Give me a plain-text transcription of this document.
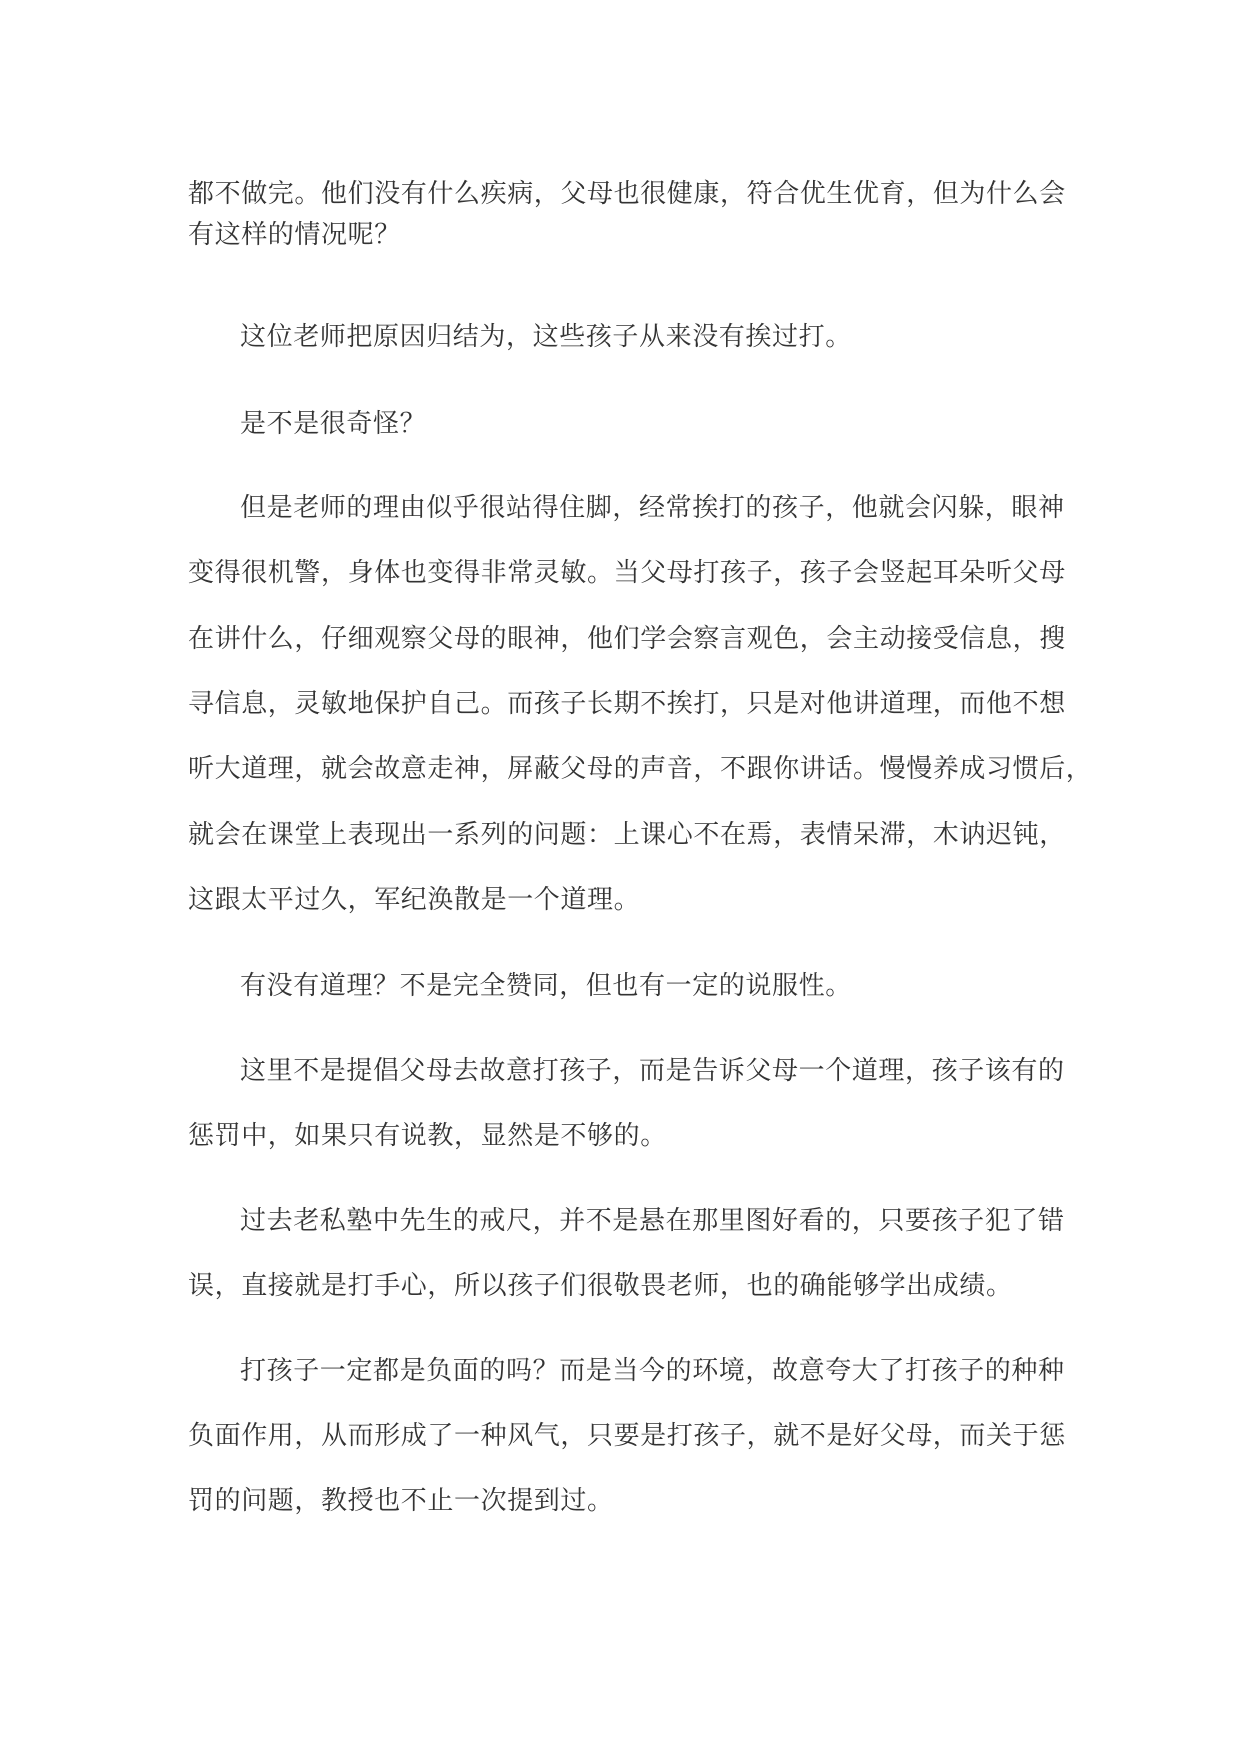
都不做完。他们没有什么疾病，父母也很健康，符合优生优育，但为什么会
有这样的情况呢？
这位老师把原因归结为，这些孩子从来没有挨过打。
是不是很奇怪？
但是老师的理由似乎很站得住脚，经常挨打的孩子，他就会闪躲，眼神
变得很机警，身体也变得非常灵敏。当父母打孩子，孩子会竖起耳朵听父母
在讲什么，仔细观察父母的眼神，他们学会察言观色，会主动接受信息，搜
寻信息，灵敏地保护自己。而孩子长期不挨打，只是对他讲道理，而他不想
听大道理，就会故意走神，屏蔽父母的声音，不跟你讲话。慢慢养成习惯后，
就会在课堂上表现出一系列的问题：上课心不在焉，表情呆滞，木讷迟钝，
这跟太平过久，军纪涣散是一个道理。
有没有道理？不是完全赞同，但也有一定的说服性。
这里不是提倡父母去故意打孩子，而是告诉父母一个道理，孩子该有的
惩罚中，如果只有说教，显然是不够的。
过去老私塾中先生的戒尺，并不是悬在那里图好看的，只要孩子犯了错
误，直接就是打手心，所以孩子们很敬畏老师，也的确能够学出成绩。
打孩子一定都是负面的吗？而是当今的环境，故意夸大了打孩子的种种
负面作用，从而形成了一种风气，只要是打孩子，就不是好父母，而关于惩
罚的问题，教授也不止一次提到过。
